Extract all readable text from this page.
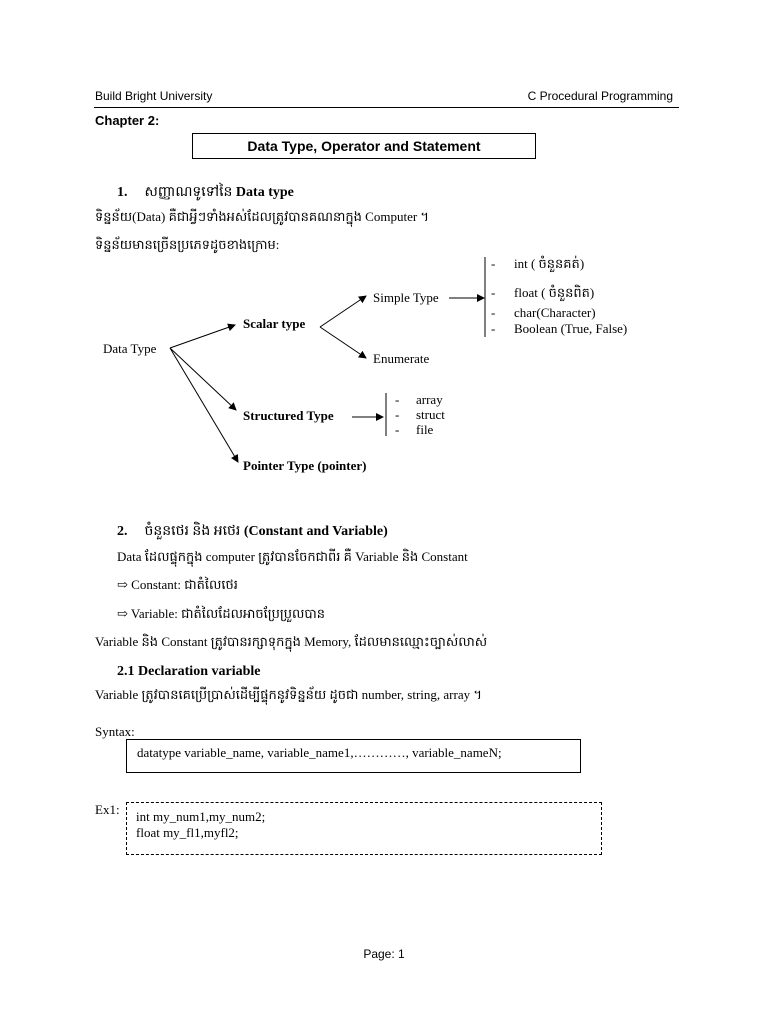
Build Bright University	C Procedural Programming
Chapter 2:
Data Type, Operator and Statement
1. សញ្ញាណទូទៅនៃ Data type
ទិន្នន័យ(Data) គឺជាអ្វីៗទាំងអស់ដែលត្រូវបានគណនាក្នុង Computer ។
ទិន្នន័យមានច្រើនប្រភេទដូចខាងក្រោម:
Data Type
Scalar type
Simple Type
Enumerate
Structured Type
Pointer Type (pointer)
- int ( ចំនួនគត់)
- float ( ចំនួនពិត)
- char(Character)
- Boolean (True, False)
- array
- struct
- file
2. ចំនួនថេរ និង អថេរ (Constant and Variable)
Data ដែលផ្ទុកក្នុង computer ត្រូវបានចែកជាពីរ គឺ Variable និង Constant
⇨ Constant: ជាតំលៃថេរ
⇨ Variable: ជាតំលៃដែលអាចប្រែប្រួលបាន
Variable និង Constant ត្រូវបានរក្សាទុកក្នុង Memory, ដែលមានឈ្មោះច្បាស់លាស់
2.1 Declaration variable
Variable ត្រូវបានគេប្រើប្រាស់ដើម្បីផ្ទុកនូវទិន្នន័យ ដូចជា number, string, array ។
Syntax:
datatype variable_name, variable_name1,…………, variable_nameN;
Ex1: int my_num1,my_num2;
float my_fl1,myfl2;
Page: 1
